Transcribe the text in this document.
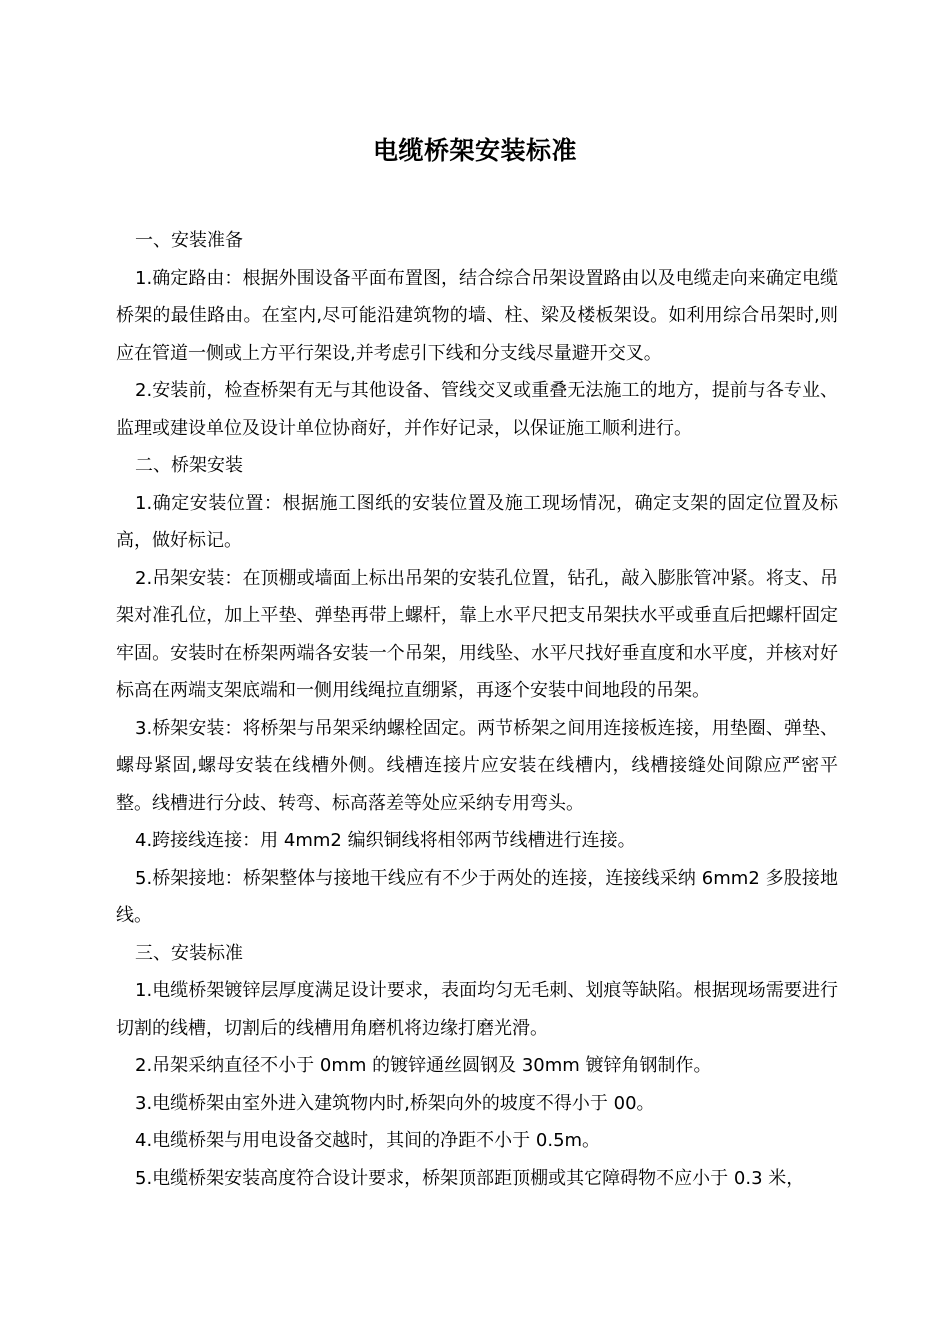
电缆桥架安装标准

一、安装准备

1.确定路由：根据外围设备平面布置图，结合综合吊架设置路由以及电缆走向来确定电缆桥架的最佳路由。在室内,尽可能沿建筑物的墙、柱、梁及楼板架设。如利用综合吊架时,则应在管道一侧或上方平行架设,并考虑引下线和分支线尽量避开交叉。

2.安装前，检查桥架有无与其他设备、管线交叉或重叠无法施工的地方，提前与各专业、监理或建设单位及设计单位协商好，并作好记录，以保证施工顺利进行。

二、桥架安装

1.确定安装位置：根据施工图纸的安装位置及施工现场情况，确定支架的固定位置及标高，做好标记。

2.吊架安装：在顶棚或墙面上标出吊架的安装孔位置，钻孔，敲入膨胀管冲紧。将支、吊架对准孔位，加上平垫、弹垫再带上螺杆，靠上水平尺把支吊架扶水平或垂直后把螺杆固定牢固。安装时在桥架两端各安装一个吊架，用线坠、水平尺找好垂直度和水平度，并核对好标高在两端支架底端和一侧用线绳拉直绷紧，再逐个安装中间地段的吊架。

3.桥架安装：将桥架与吊架采纳螺栓固定。两节桥架之间用连接板连接，用垫圈、弹垫、螺母紧固,螺母安装在线槽外侧。线槽连接片应安装在线槽内，线槽接缝处间隙应严密平整。线槽进行分歧、转弯、标高落差等处应采纳专用弯头。

4.跨接线连接：用 4mm2 编织铜线将相邻两节线槽进行连接。

5.桥架接地：桥架整体与接地干线应有不少于两处的连接，连接线采纳 6mm2 多股接地线。

三、安装标准

1.电缆桥架镀锌层厚度满足设计要求，表面均匀无毛刺、划痕等缺陷。根据现场需要进行切割的线槽，切割后的线槽用角磨机将边缘打磨光滑。

2.吊架采纳直径不小于 0mm 的镀锌通丝圆钢及 30mm 镀锌角钢制作。

3.电缆桥架由室外进入建筑物内时,桥架向外的坡度不得小于 00。

4.电缆桥架与用电设备交越时，其间的净距不小于 0.5m。

5.电缆桥架安装高度符合设计要求，桥架顶部距顶棚或其它障碍物不应小于 0.3 米，
